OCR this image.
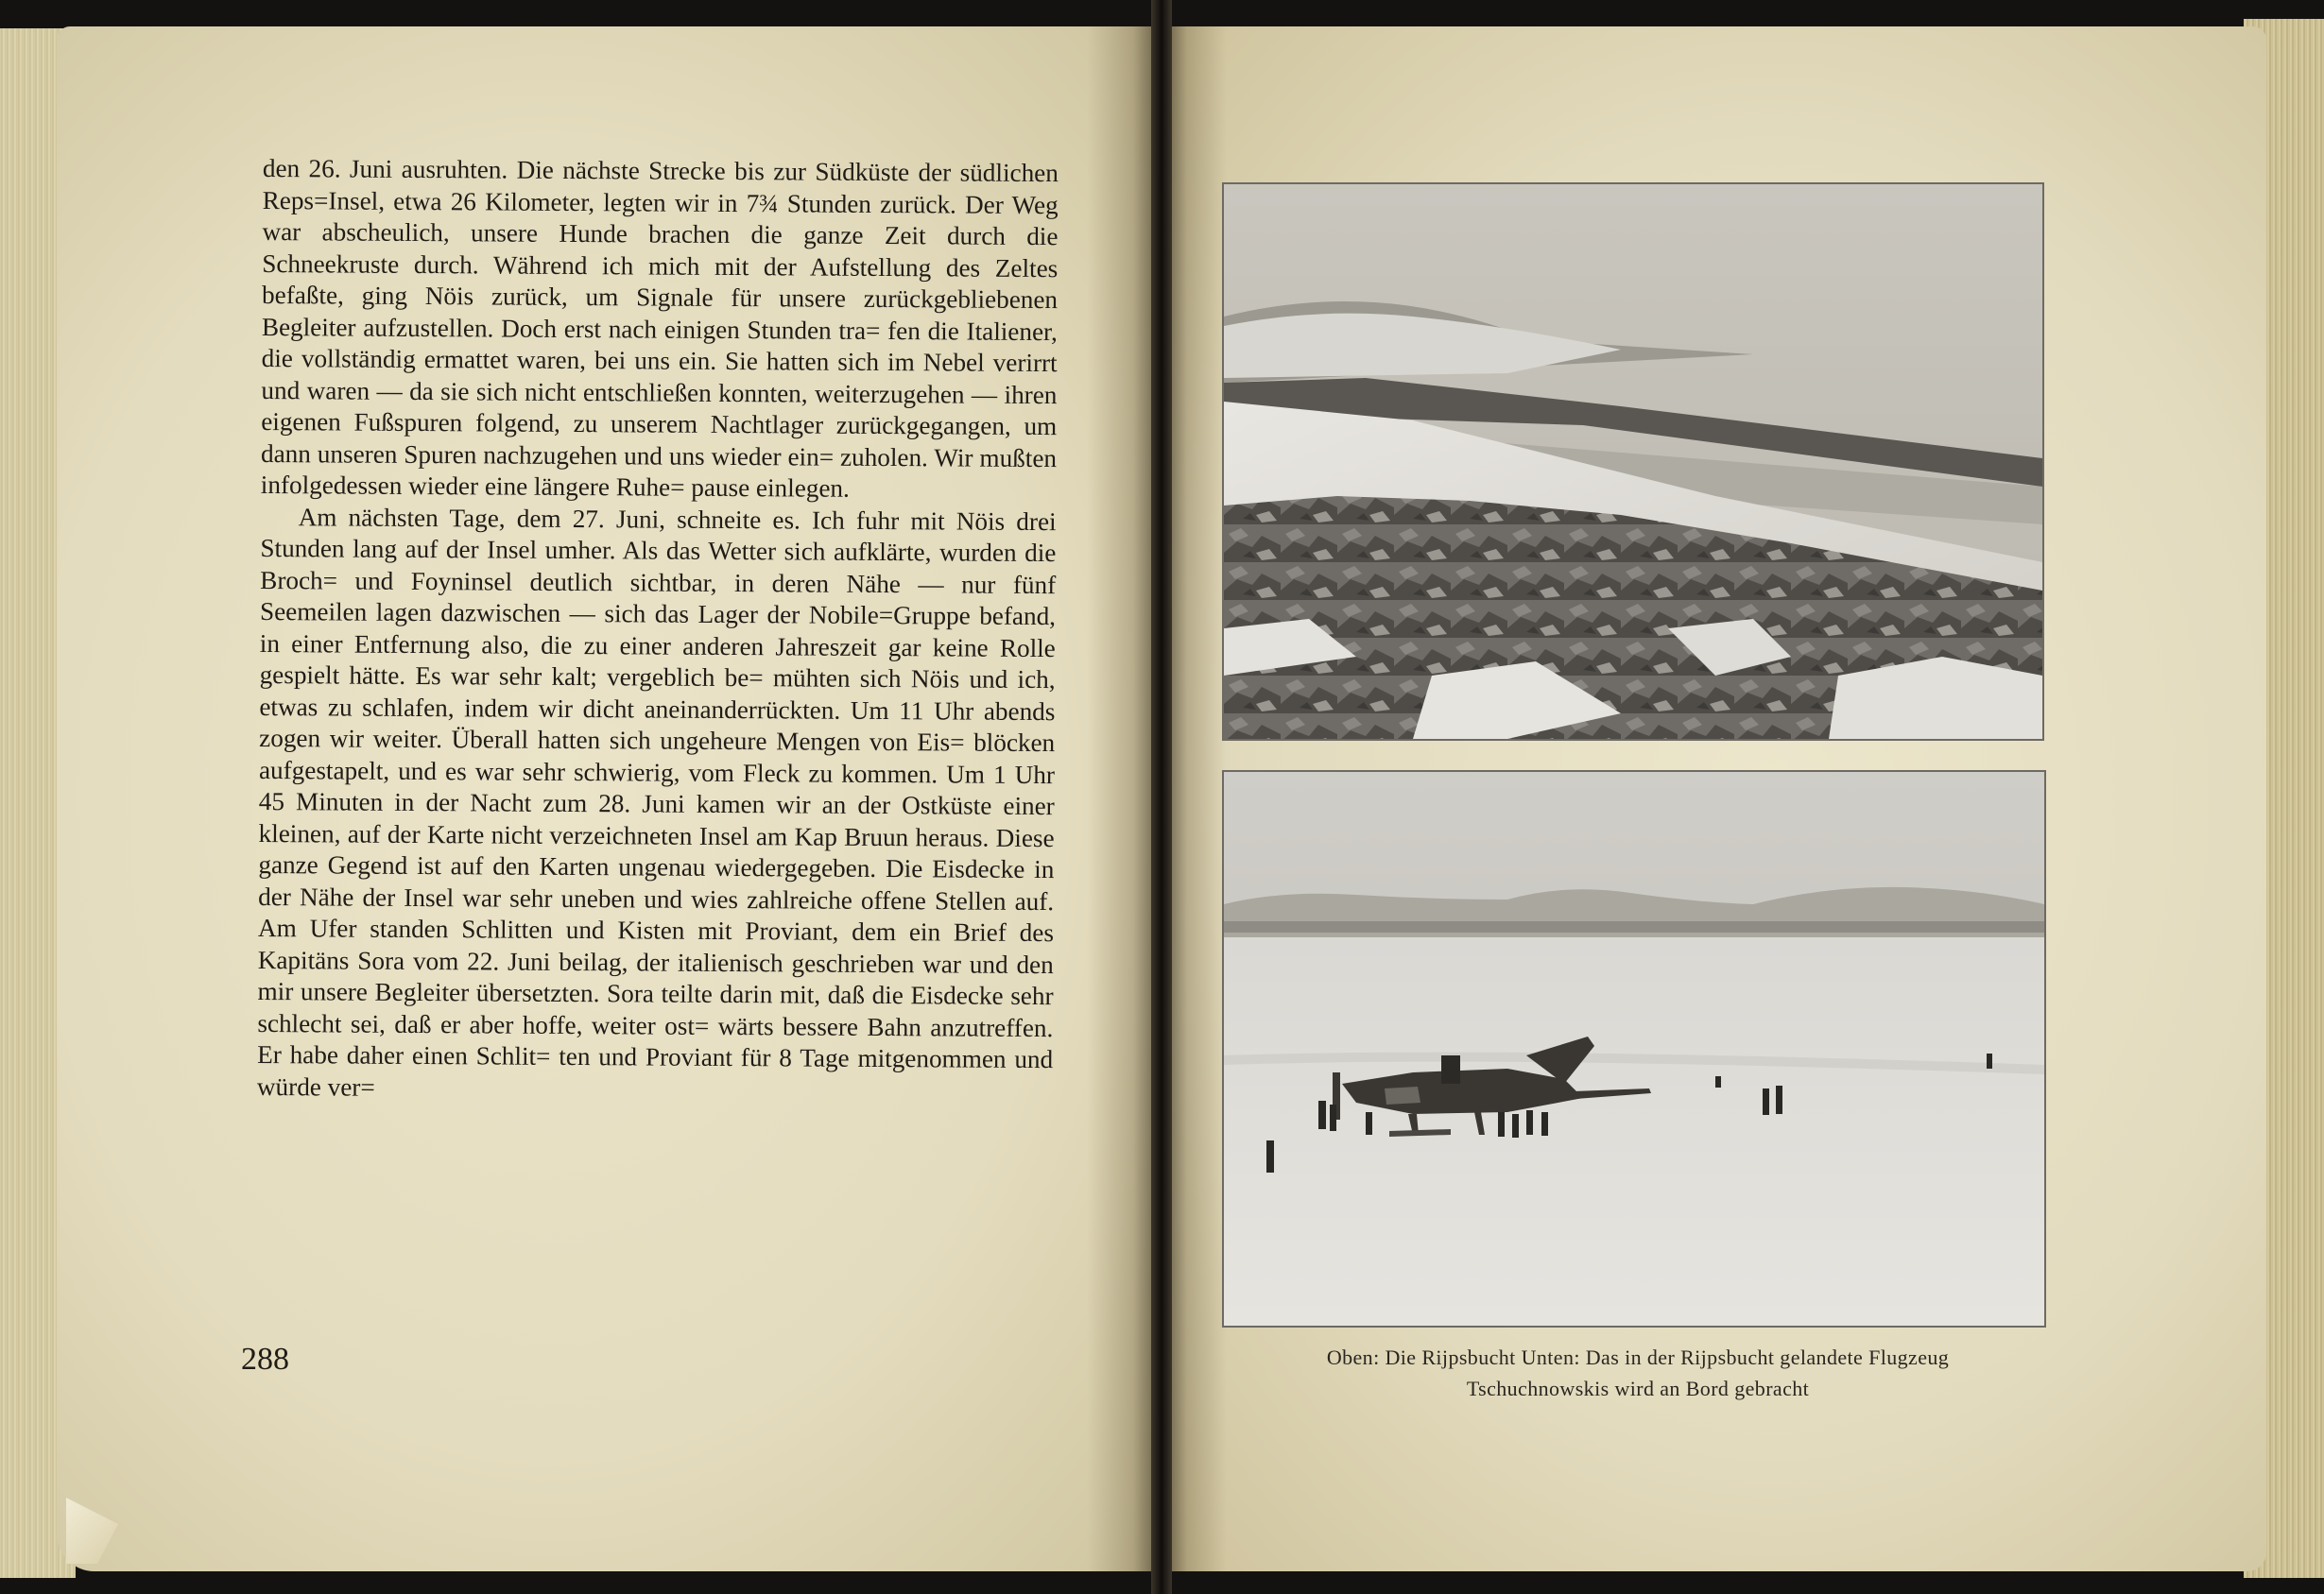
den 26. Juni ausruhten. Die nächste Strecke bis zur Südküste der südlichen Reps=Insel, etwa 26 Kilometer, legten wir in 7¾ Stunden zurück. Der Weg war abscheulich, unsere Hunde brachen die ganze Zeit durch die Schneekruste durch. Während ich mich mit der Aufstellung des Zeltes befaßte, ging Nöis zurück, um Signale für unsere zurückgebliebenen Begleiter aufzustellen. Doch erst nach einigen Stunden tra= fen die Italiener, die vollständig ermattet waren, bei uns ein. Sie hatten sich im Nebel verirrt und waren — da sie sich nicht entschließen konnten, weiterzugehen — ihren eigenen Fußspuren folgend, zu unserem Nachtlager zurückgegangen, um dann unseren Spuren nachzugehen und uns wieder ein= zuholen. Wir mußten infolgedessen wieder eine längere Ruhe= pause einlegen.

Am nächsten Tage, dem 27. Juni, schneite es. Ich fuhr mit Nöis drei Stunden lang auf der Insel umher. Als das Wetter sich aufklärte, wurden die Broch= und Foyninsel deutlich sichtbar, in deren Nähe — nur fünf Seemeilen lagen dazwischen — sich das Lager der Nobile=Gruppe befand, in einer Entfernung also, die zu einer anderen Jahreszeit gar keine Rolle gespielt hätte. Es war sehr kalt; vergeblich be= mühten sich Nöis und ich, etwas zu schlafen, indem wir dicht aneinanderrückten. Um 11 Uhr abends zogen wir weiter. Überall hatten sich ungeheure Mengen von Eis= blöcken aufgestapelt, und es war sehr schwierig, vom Fleck zu kommen. Um 1 Uhr 45 Minuten in der Nacht zum 28. Juni kamen wir an der Ostküste einer kleinen, auf der Karte nicht verzeichneten Insel am Kap Bruun heraus. Diese ganze Gegend ist auf den Karten ungenau wiedergegeben. Die Eisdecke in der Nähe der Insel war sehr uneben und wies zahlreiche offene Stellen auf. Am Ufer standen Schlitten und Kisten mit Proviant, dem ein Brief des Kapitäns Sora vom 22. Juni beilag, der italienisch geschrieben war und den mir unsere Begleiter übersetzten. Sora teilte darin mit, daß die Eisdecke sehr schlecht sei, daß er aber hoffe, weiter ost= wärts bessere Bahn anzutreffen. Er habe daher einen Schlit= ten und Proviant für 8 Tage mitgenommen und würde ver=

288	Oben: Die Rijpsbucht Unten: Das in der Rijpsbucht gelandete Flugzeug
Tschuchnowskis wird an Bord gebracht
